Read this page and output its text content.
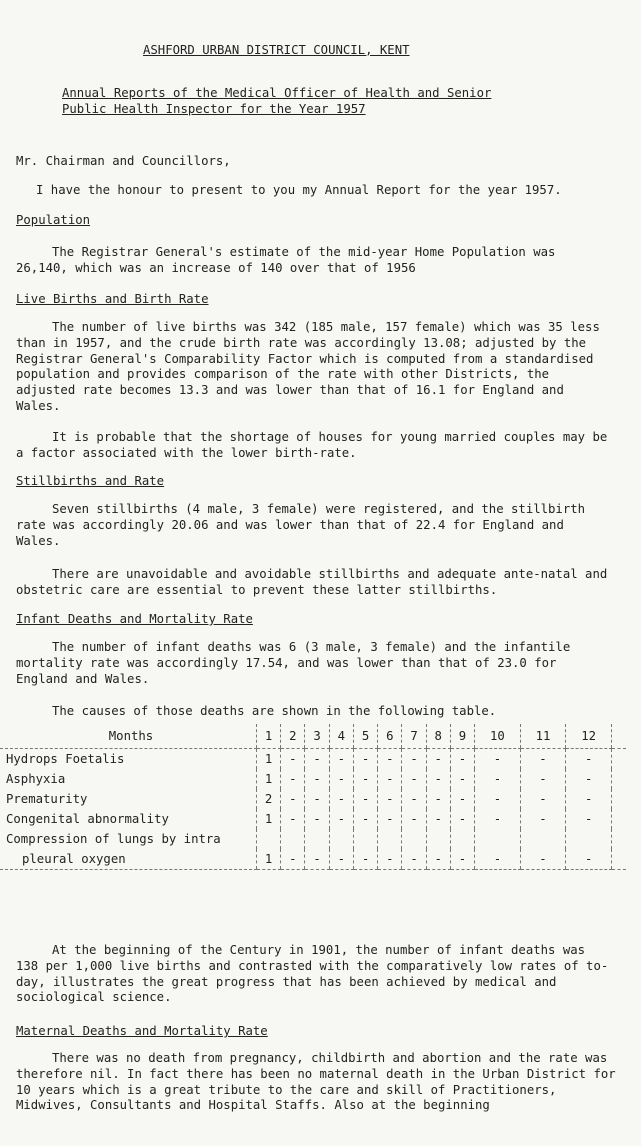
ASHFORD URBAN DISTRICT COUNCIL, KENT
Annual Reports of the Medical Officer of Health and Senior
Public Health Inspector for the Year 1957
Mr. Chairman and Councillors,
I have the honour to present to you my Annual Report for the year 1957.
Population

The Registrar General's estimate of the mid-year Home Population was 26,140, which was an increase of 140 over that of 1956

Live Births and Birth Rate

The number of live births was 342 (185 male, 157 female) which was 35 less than in 1957, and the crude birth rate was accordingly 13.08; adjusted by the Registrar General's Comparability Factor which is computed from a standardised population and provides comparison of the rate with other Districts, the adjusted rate becomes 13.3 and was lower than that of 16.1 for England and Wales.

It is probable that the shortage of houses for young married couples may be a factor associated with the lower birth-rate.

Stillbirths and Rate

Seven stillbirths (4 male, 3 female) were registered, and the stillbirth rate was accordingly 20.06 and was lower than that of 22.4 for England and Wales.

There are unavoidable and avoidable stillbirths and adequate ante-natal and obstetric care are essential to prevent these latter stillbirths.

Infant Deaths and Mortality Rate

The number of infant deaths was 6 (3 male, 3 female) and the infantile mortality rate was accordingly 17.54, and was lower than that of 23.0 for England and Wales.

The causes of those deaths are shown in the following table.

Months	1	2	3	4	5	6	7	8	9	10	11	12	
Hydrops Foetalis	1	-	-	-	-	-	-	-	-	-	-	-	
Asphyxia	1	-	-	-	-	-	-	-	-	-	-	-	
Prematurity	2	-	-	-	-	-	-	-	-	-	-	-	
Congenital abnormality	1	-	-	-	-	-	-	-	-	-	-	-	
Compression of lungs by intra													
pleural oxygen	1	-	-	-	-	-	-	-	-	-	-	-	

At the beginning of the Century in 1901, the number of infant deaths was 138 per 1,000 live births and contrasted with the comparatively low rates of to-day, illustrates the great progress that has been achieved by medical and sociological science.

Maternal Deaths and Mortality Rate

There was no death from pregnancy, childbirth and abortion and the rate was therefore nil. In fact there has been no maternal death in the Urban District for 10 years which is a great tribute to the care and skill of Practitioners, Midwives, Consultants and Hospital Staffs. Also at the beginning
